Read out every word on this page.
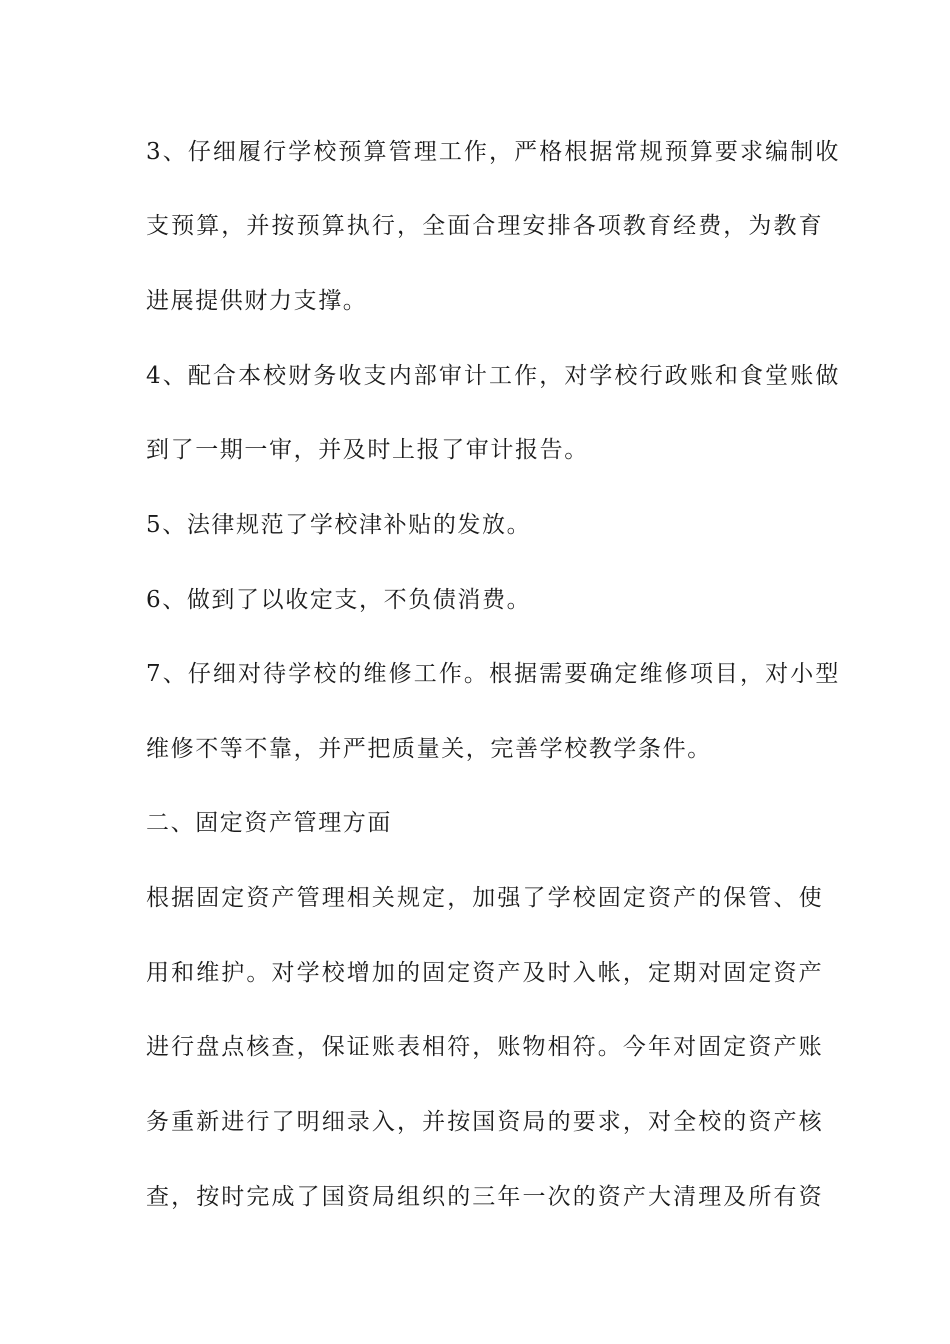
3、仔细履行学校预算管理工作，严格根据常规预算要求编制收
支预算，并按预算执行，全面合理安排各项教育经费，为教育
进展提供财力支撑。
4、配合本校财务收支内部审计工作，对学校行政账和食堂账做
到了一期一审，并及时上报了审计报告。
5、法律规范了学校津补贴的发放。
6、做到了以收定支，不负债消费。
7、仔细对待学校的维修工作。根据需要确定维修项目，对小型
维修不等不靠，并严把质量关，完善学校教学条件。
二、固定资产管理方面
根据固定资产管理相关规定，加强了学校固定资产的保管、使
用和维护。对学校增加的固定资产及时入帐，定期对固定资产
进行盘点核查，保证账表相符，账物相符。今年对固定资产账
务重新进行了明细录入，并按国资局的要求，对全校的资产核
查，按时完成了国资局组织的三年一次的资产大清理及所有资
